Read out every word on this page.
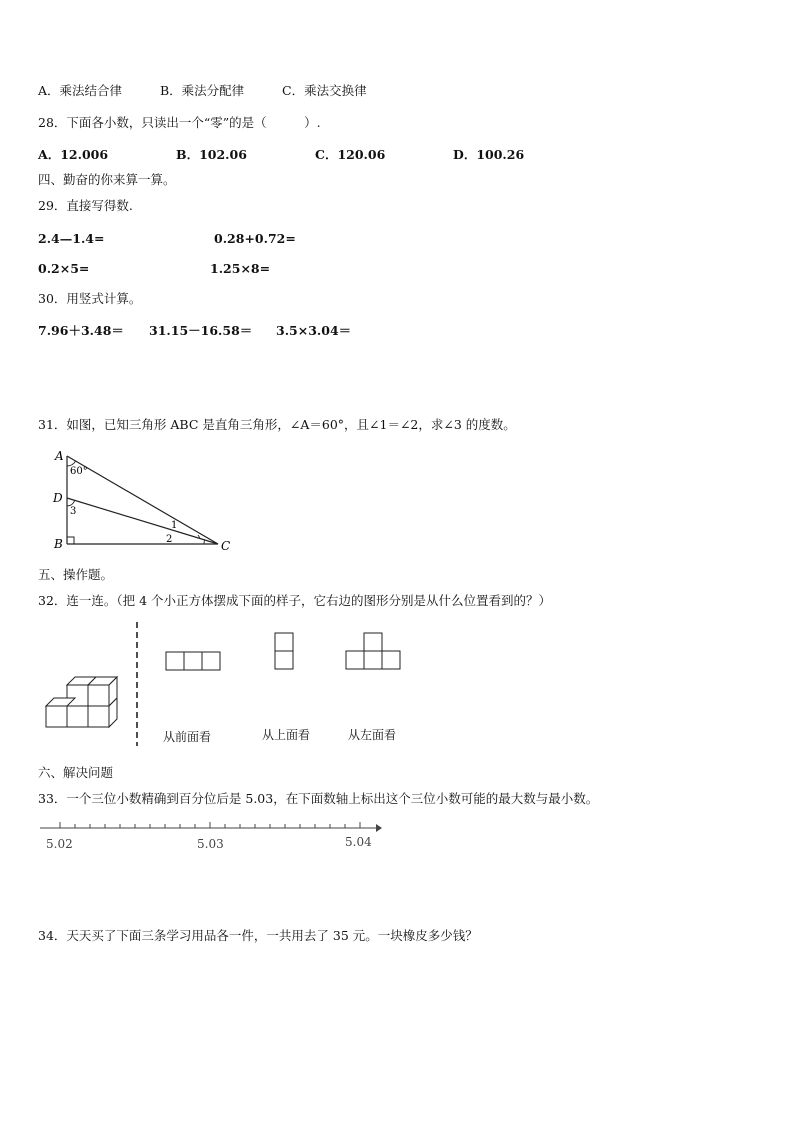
A．乘法结合律	B．乘法分配律	C．乘法交换律
28．下面各小数，只读出一个“零”的是（　　　）.
A．12.006	B．102.06	C．120.06	D．100.26
四、勤奋的你来算一算。
29．直接写得数.
2.4—1.4=	0.28+0.72=
0.2×5=	1.25×8=
30．用竖式计算。
7.96＋3.48＝ 31.15－16.58＝ 3.5×3.04＝
31．如图，已知三角形 ABC 是直角三角形，∠A＝60°，且∠1＝∠2，求∠3 的度数。
A
60°
D
3
B	C
1
2
五、操作题。
32．连一连。（把 4 个小正方体摆成下面的样子，它右边的图形分别是从什么位置看到的？）
从前面看	从上面看	从左面看
六、解决问题
33．一个三位小数精确到百分位后是 5.03，在下面数轴上标出这个三位小数可能的最大数与最小数。
5.02	5.03	5.04
34．天天买了下面三条学习用品各一件，一共用去了 35 元。一块橡皮多少钱？
